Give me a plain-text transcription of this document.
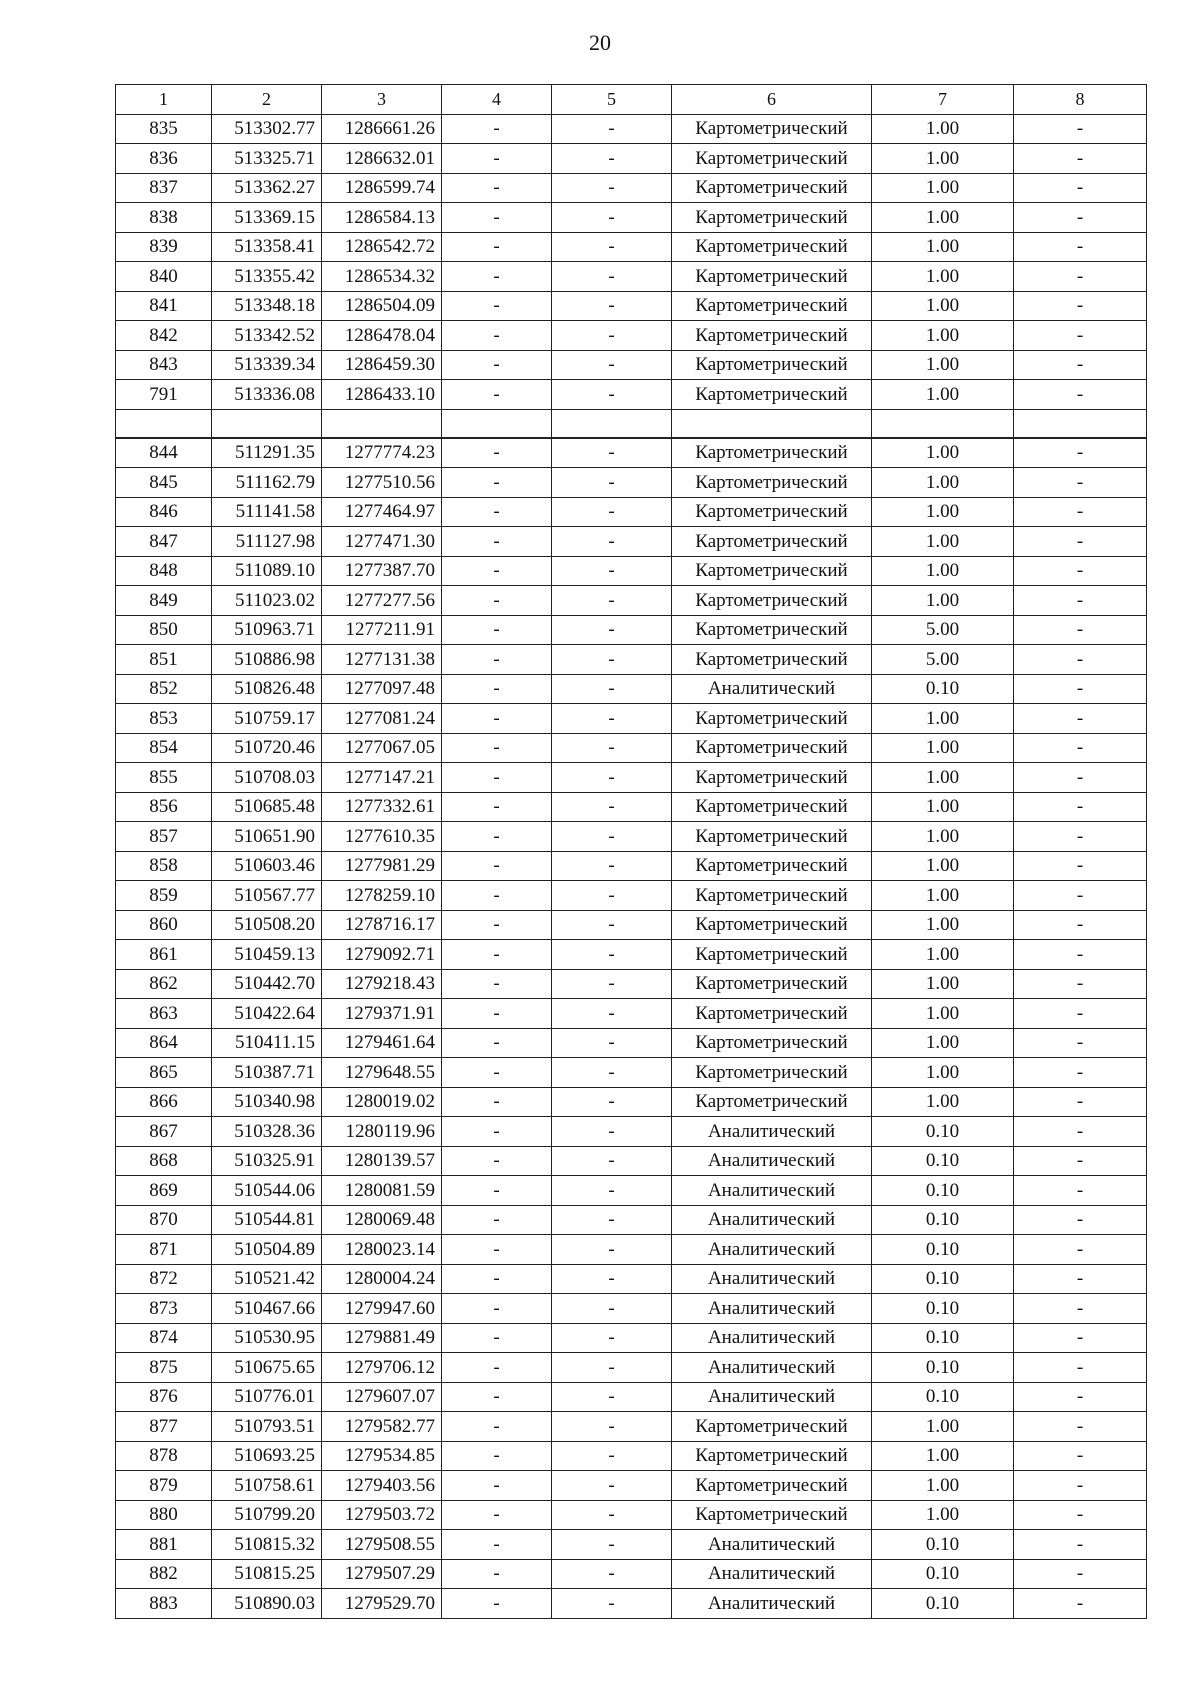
20
1	2	3	4	5	6	7	8
835	513302.77	1286661.26	-	-	Картометрический	1.00	-
836	513325.71	1286632.01	-	-	Картометрический	1.00	-
837	513362.27	1286599.74	-	-	Картометрический	1.00	-
838	513369.15	1286584.13	-	-	Картометрический	1.00	-
839	513358.41	1286542.72	-	-	Картометрический	1.00	-
840	513355.42	1286534.32	-	-	Картометрический	1.00	-
841	513348.18	1286504.09	-	-	Картометрический	1.00	-
842	513342.52	1286478.04	-	-	Картометрический	1.00	-
843	513339.34	1286459.30	-	-	Картометрический	1.00	-
791	513336.08	1286433.10	-	-	Картометрический	1.00	-

844	511291.35	1277774.23	-	-	Картометрический	1.00	-
845	511162.79	1277510.56	-	-	Картометрический	1.00	-
846	511141.58	1277464.97	-	-	Картометрический	1.00	-
847	511127.98	1277471.30	-	-	Картометрический	1.00	-
848	511089.10	1277387.70	-	-	Картометрический	1.00	-
849	511023.02	1277277.56	-	-	Картометрический	1.00	-
850	510963.71	1277211.91	-	-	Картометрический	5.00	-
851	510886.98	1277131.38	-	-	Картометрический	5.00	-
852	510826.48	1277097.48	-	-	Аналитический	0.10	-
853	510759.17	1277081.24	-	-	Картометрический	1.00	-
854	510720.46	1277067.05	-	-	Картометрический	1.00	-
855	510708.03	1277147.21	-	-	Картометрический	1.00	-
856	510685.48	1277332.61	-	-	Картометрический	1.00	-
857	510651.90	1277610.35	-	-	Картометрический	1.00	-
858	510603.46	1277981.29	-	-	Картометрический	1.00	-
859	510567.77	1278259.10	-	-	Картометрический	1.00	-
860	510508.20	1278716.17	-	-	Картометрический	1.00	-
861	510459.13	1279092.71	-	-	Картометрический	1.00	-
862	510442.70	1279218.43	-	-	Картометрический	1.00	-
863	510422.64	1279371.91	-	-	Картометрический	1.00	-
864	510411.15	1279461.64	-	-	Картометрический	1.00	-
865	510387.71	1279648.55	-	-	Картометрический	1.00	-
866	510340.98	1280019.02	-	-	Картометрический	1.00	-
867	510328.36	1280119.96	-	-	Аналитический	0.10	-
868	510325.91	1280139.57	-	-	Аналитический	0.10	-
869	510544.06	1280081.59	-	-	Аналитический	0.10	-
870	510544.81	1280069.48	-	-	Аналитический	0.10	-
871	510504.89	1280023.14	-	-	Аналитический	0.10	-
872	510521.42	1280004.24	-	-	Аналитический	0.10	-
873	510467.66	1279947.60	-	-	Аналитический	0.10	-
874	510530.95	1279881.49	-	-	Аналитический	0.10	-
875	510675.65	1279706.12	-	-	Аналитический	0.10	-
876	510776.01	1279607.07	-	-	Аналитический	0.10	-
877	510793.51	1279582.77	-	-	Картометрический	1.00	-
878	510693.25	1279534.85	-	-	Картометрический	1.00	-
879	510758.61	1279403.56	-	-	Картометрический	1.00	-
880	510799.20	1279503.72	-	-	Картометрический	1.00	-
881	510815.32	1279508.55	-	-	Аналитический	0.10	-
882	510815.25	1279507.29	-	-	Аналитический	0.10	-
883	510890.03	1279529.70	-	-	Аналитический	0.10	-
